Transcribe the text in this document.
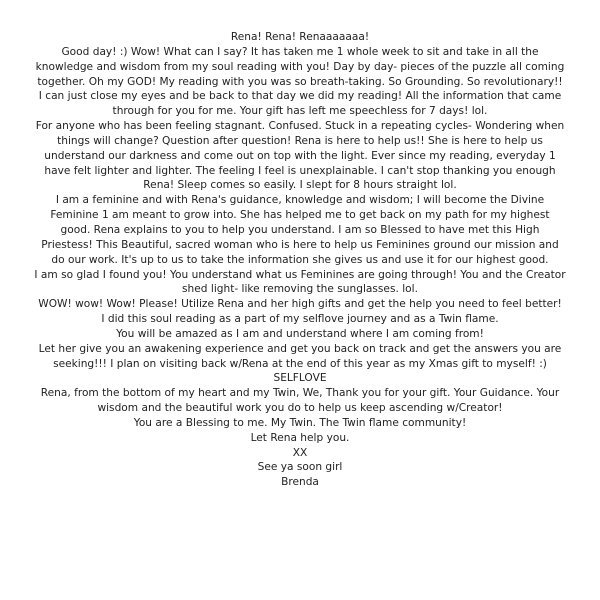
Rena! Rena! Renaaaaaaa!

Good day! :) Wow! What can I say? It has taken me 1 whole week to sit and take in all the knowledge and wisdom from my soul reading with you! Day by day- pieces of the puzzle all coming together. Oh my GOD! My reading with you was so breath-taking. So Grounding. So revolutionary!!

I can just close my eyes and be back to that day we did my reading! All the information that came through for you for me. Your gift has left me speechless for 7 days! lol.

For anyone who has been feeling stagnant. Confused. Stuck in a repeating cycles- Wondering when things will change? Question after question! Rena is here to help us!! She is here to help us understand our darkness and come out on top with the light. Ever since my reading, everyday 1 have felt lighter and lighter. The feeling I feel is unexplainable. I can't stop thanking you enough Rena! Sleep comes so easily. I slept for 8 hours straight lol.

I am a feminine and with Rena's guidance, knowledge and wisdom; I will become the Divine Feminine 1 am meant to grow into. She has helped me to get back on my path for my highest good. Rena explains to you to help you understand. I am so Blessed to have met this High Priestess! This Beautiful, sacred woman who is here to help us Feminines ground our mission and do our work. It's up to us to take the information she gives us and use it for our highest good.

I am so glad I found you! You understand what us Feminines are going through! You and the Creator shed light- like removing the sunglasses. lol.

WOW! wow! Wow! Please! Utilize Rena and her high gifts and get the help you need to feel better!

I did this soul reading as a part of my selflove journey and as a Twin flame.

You will be amazed as I am and understand where I am coming from!

Let her give you an awakening experience and get you back on track and get the answers you are seeking!!! I plan on visiting back w/Rena at the end of this year as my Xmas gift to myself! :)

SELFLOVE

Rena, from the bottom of my heart and my Twin, We, Thank you for your gift. Your Guidance. Your wisdom and the beautiful work you do to help us keep ascending w/Creator!

You are a Blessing to me. My Twin. The Twin flame community!

Let Rena help you.

XX

See ya soon girl

Brenda
